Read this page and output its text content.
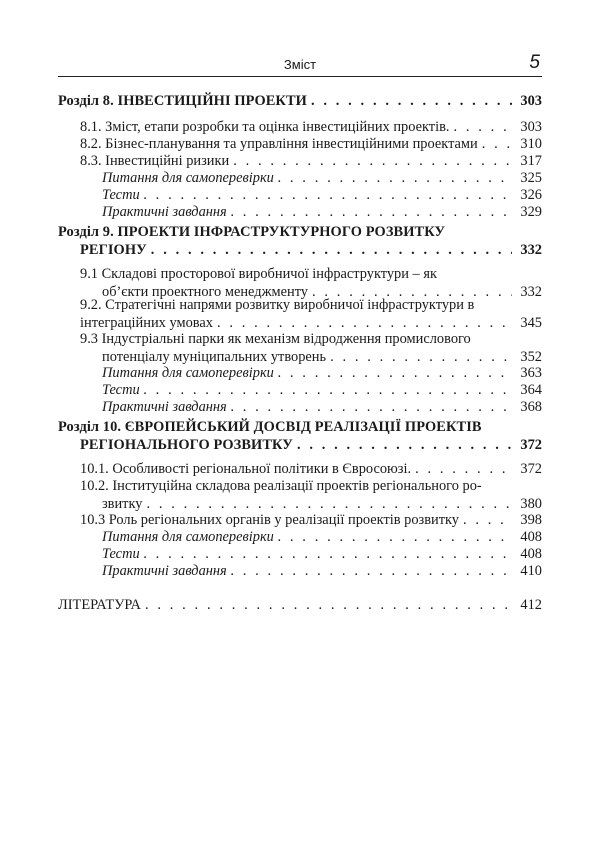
Зміст	5
Розділ 8. ІНВЕСТИЦІЙНІ ПРОЕКТИ . . .	303
8.1. Зміст, етапи розробки та оцінка інвестиційних проектів. . . .	303
8.2. Бізнес-планування та управління інвестиційними проектами . . .	310
8.3. Інвестиційні ризики . . .	317
Питання для самоперевірки . . .	325
Тести . . .	326
Практичні завдання . . .	329
Розділ 9. ПРОЕКТИ ІНФРАСТРУКТУРНОГО РОЗВИТКУ
РЕГІОНУ . . .	332
9.1 Складові просторової виробничої інфраструктури – як
об’єкти проектного менеджменту . . .	332
9.2. Стратегічні напрями розвитку виробничої інфраструктури в
інтеграційних умовах . . .	345
9.3 Індустріальні парки як механізм відродження промислового
потенціалу муніципальних утворень . . .	352
Питання для самоперевірки . . .	363
Тести . . .	364
Практичні завдання . . .	368
Розділ 10. ЄВРОПЕЙСЬКИЙ ДОСВІД РЕАЛІЗАЦІЇ ПРОЕКТІВ
РЕГІОНАЛЬНОГО РОЗВИТКУ . . .	372
10.1. Особливості регіональної політики в Євросоюзі. . . .	372
10.2. Інституційна складова реалізації проектів регіонального ро-
звитку . . .	380
10.3 Роль регіональних органів у реалізації проектів розвитку . . .	398
Питання для самоперевірки . . .	408
Тести . . .	408
Практичні завдання . . .	410
ЛІТЕРАТУРА . . .	412
